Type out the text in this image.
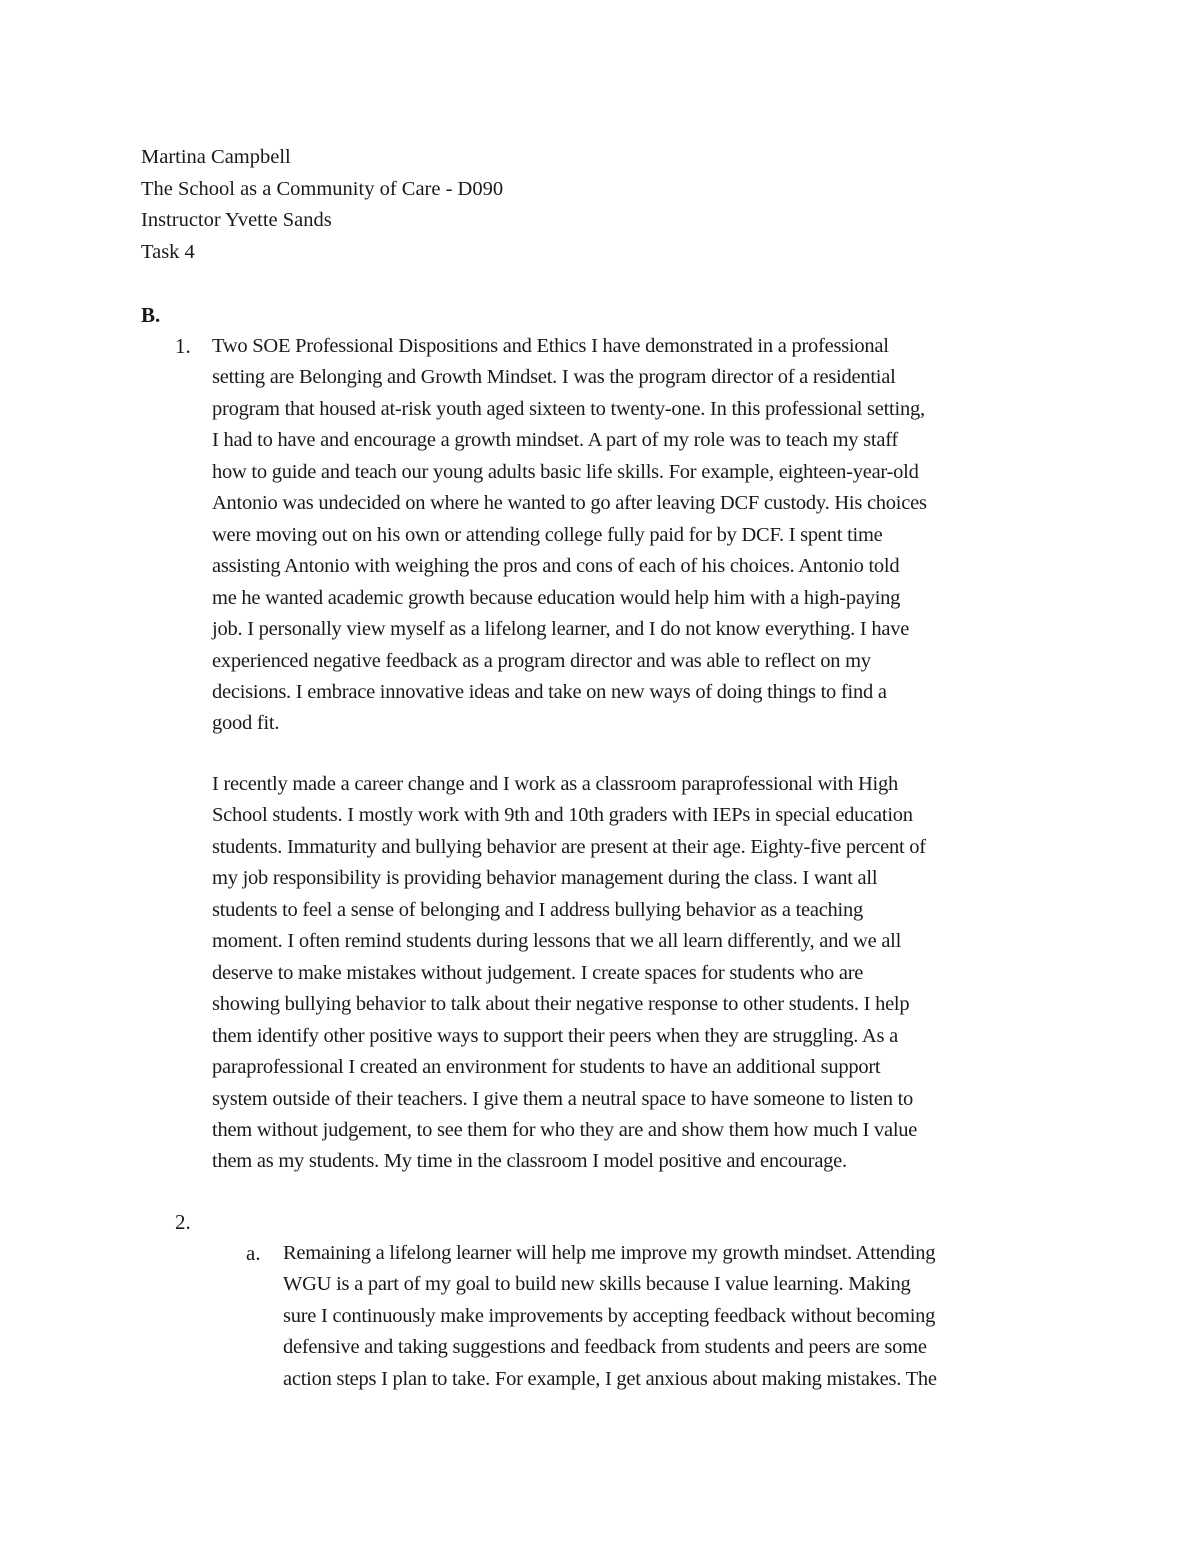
Martina Campbell
The School as a Community of Care - D090
Instructor Yvette Sands
Task 4
B.
1. Two SOE Professional Dispositions and Ethics I have demonstrated in a professional
setting are Belonging and Growth Mindset. I was the program director of a residential
program that housed at-risk youth aged sixteen to twenty-one. In this professional setting,
I had to have and encourage a growth mindset. A part of my role was to teach my staff
how to guide and teach our young adults basic life skills. For example, eighteen-year-old
Antonio was undecided on where he wanted to go after leaving DCF custody. His choices
were moving out on his own or attending college fully paid for by DCF. I spent time
assisting Antonio with weighing the pros and cons of each of his choices. Antonio told
me he wanted academic growth because education would help him with a high-paying
job. I personally view myself as a lifelong learner, and I do not know everything. I have
experienced negative feedback as a program director and was able to reflect on my
decisions. I embrace innovative ideas and take on new ways of doing things to find a
good fit.
I recently made a career change and I work as a classroom paraprofessional with High
School students. I mostly work with 9th and 10th graders with IEPs in special education
students. Immaturity and bullying behavior are present at their age. Eighty-five percent of
my job responsibility is providing behavior management during the class. I want all
students to feel a sense of belonging and I address bullying behavior as a teaching
moment. I often remind students during lessons that we all learn differently, and we all
deserve to make mistakes without judgement. I create spaces for students who are
showing bullying behavior to talk about their negative response to other students. I help
them identify other positive ways to support their peers when they are struggling. As a
paraprofessional I created an environment for students to have an additional support
system outside of their teachers. I give them a neutral space to have someone to listen to
them without judgement, to see them for who they are and show them how much I value
them as my students. My time in the classroom I model positive and encourage.
2.
a. Remaining a lifelong learner will help me improve my growth mindset. Attending
WGU is a part of my goal to build new skills because I value learning. Making
sure I continuously make improvements by accepting feedback without becoming
defensive and taking suggestions and feedback from students and peers are some
action steps I plan to take. For example, I get anxious about making mistakes. The
